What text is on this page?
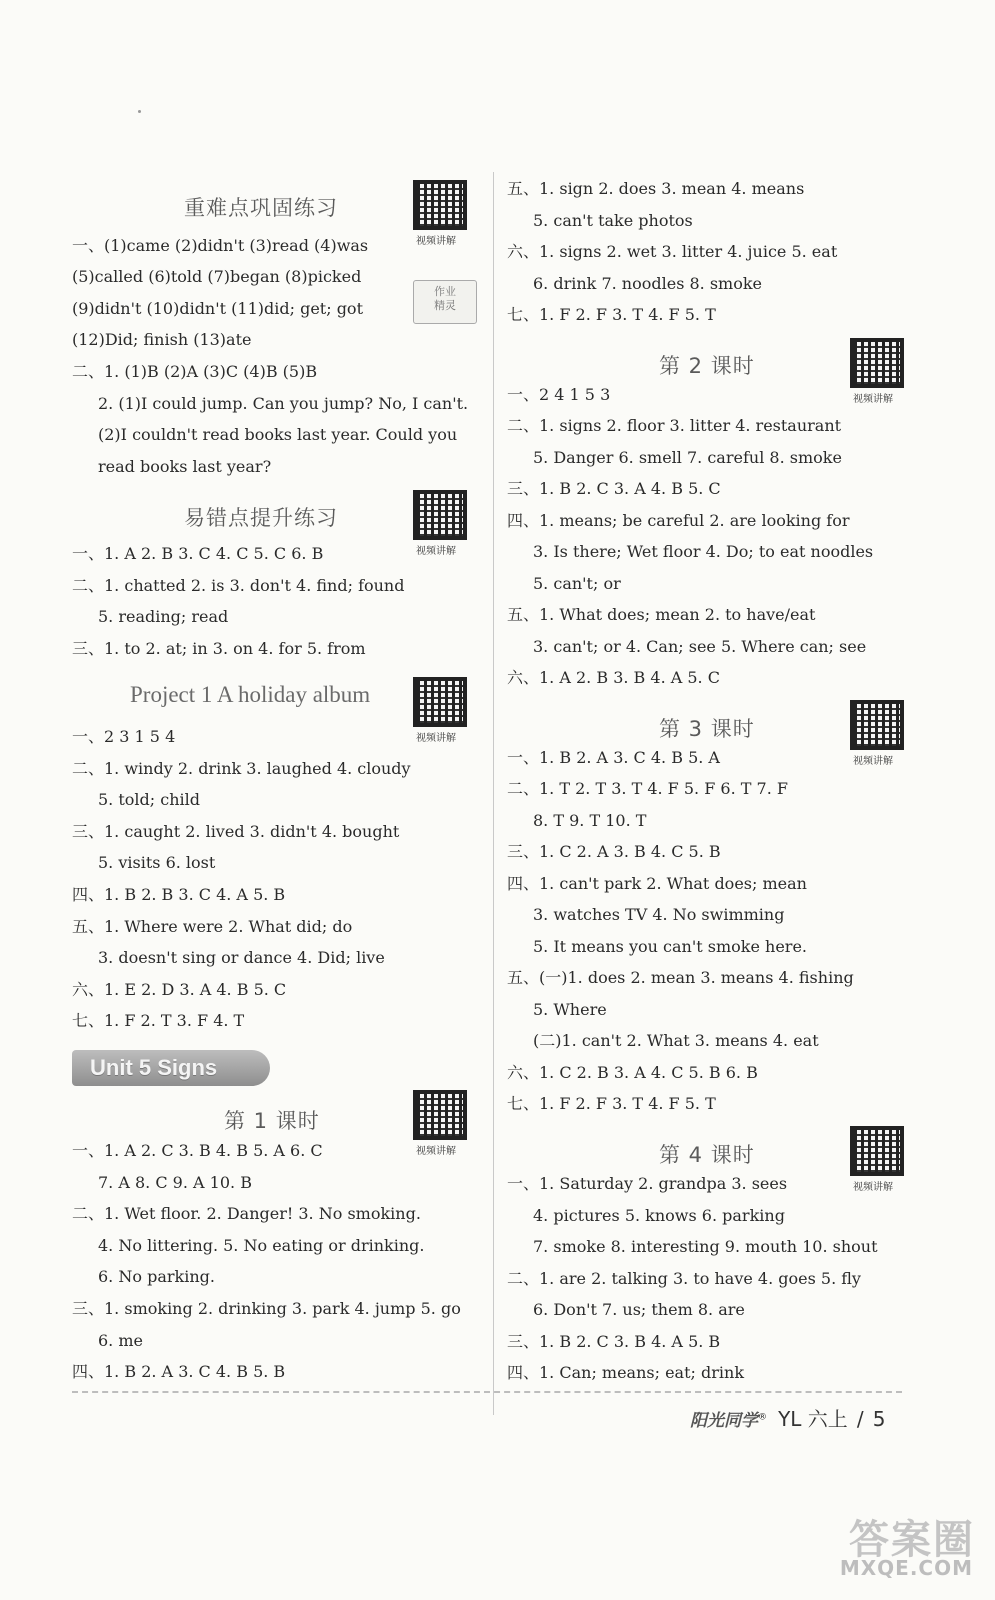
重难点巩固练习
一、(1)came (2)didn't (3)read (4)was
(5)called (6)told (7)began (8)picked
(9)didn't (10)didn't (11)did; get; got
(12)Did; finish (13)ate
二、1. (1)B (2)A (3)C (4)B (5)B
2. (1)I could jump. Can you jump? No, I can't.
(2)I couldn't read books last year. Could you
read books last year?
易错点提升练习
一、1. A 2. B 3. C 4. C 5. C 6. B
二、1. chatted 2. is 3. don't 4. find; found
5. reading; read
三、1. to 2. at; in 3. on 4. for 5. from
Project 1 A holiday album
一、2 3 1 5 4
二、1. windy 2. drink 3. laughed 4. cloudy
5. told; child
三、1. caught 2. lived 3. didn't 4. bought
5. visits 6. lost
四、1. B 2. B 3. C 4. A 5. B
五、1. Where were 2. What did; do
3. doesn't sing or dance 4. Did; live
六、1. E 2. D 3. A 4. B 5. C
七、1. F 2. T 3. F 4. T
Unit 5 Signs
第 1 课时
一、1. A 2. C 3. B 4. B 5. A 6. C
7. A 8. C 9. A 10. B
二、1. Wet floor. 2. Danger! 3. No smoking.
4. No littering. 5. No eating or drinking.
6. No parking.
三、1. smoking 2. drinking 3. park 4. jump 5. go
6. me
四、1. B 2. A 3. C 4. B 5. B
视频讲解
视频讲解
视频讲解
视频讲解
五、1. sign 2. does 3. mean 4. means
5. can't take photos
六、1. signs 2. wet 3. litter 4. juice 5. eat
6. drink 7. noodles 8. smoke
七、1. F 2. F 3. T 4. F 5. T
第 2 课时
一、2 4 1 5 3
二、1. signs 2. floor 3. litter 4. restaurant
5. Danger 6. smell 7. careful 8. smoke
三、1. B 2. C 3. A 4. B 5. C
四、1. means; be careful 2. are looking for
3. Is there; Wet floor 4. Do; to eat noodles
5. can't; or
五、1. What does; mean 2. to have/eat
3. can't; or 4. Can; see 5. Where can; see
六、1. A 2. B 3. B 4. A 5. C
第 3 课时
一、1. B 2. A 3. C 4. B 5. A
二、1. T 2. T 3. T 4. F 5. F 6. T 7. F
8. T 9. T 10. T
三、1. C 2. A 3. B 4. C 5. B
四、1. can't park 2. What does; mean
3. watches TV 4. No swimming
5. It means you can't smoke here.
五、(一)1. does 2. mean 3. means 4. fishing
5. Where
(二)1. can't 2. What 3. means 4. eat
六、1. C 2. B 3. A 4. C 5. B 6. B
七、1. F 2. F 3. T 4. F 5. T
第 4 课时
一、1. Saturday 2. grandpa 3. sees
4. pictures 5. knows 6. parking
7. smoke 8. interesting 9. mouth 10. shout
二、1. are 2. talking 3. to have 4. goes 5. fly
6. Don't 7. us; them 8. are
三、1. B 2. C 3. B 4. A 5. B
四、1. Can; means; eat; drink
视频讲解
视频讲解
视频讲解
作业
精灵
阳光同学® YL 六上 / 5
答案圈
MXQE.COM
